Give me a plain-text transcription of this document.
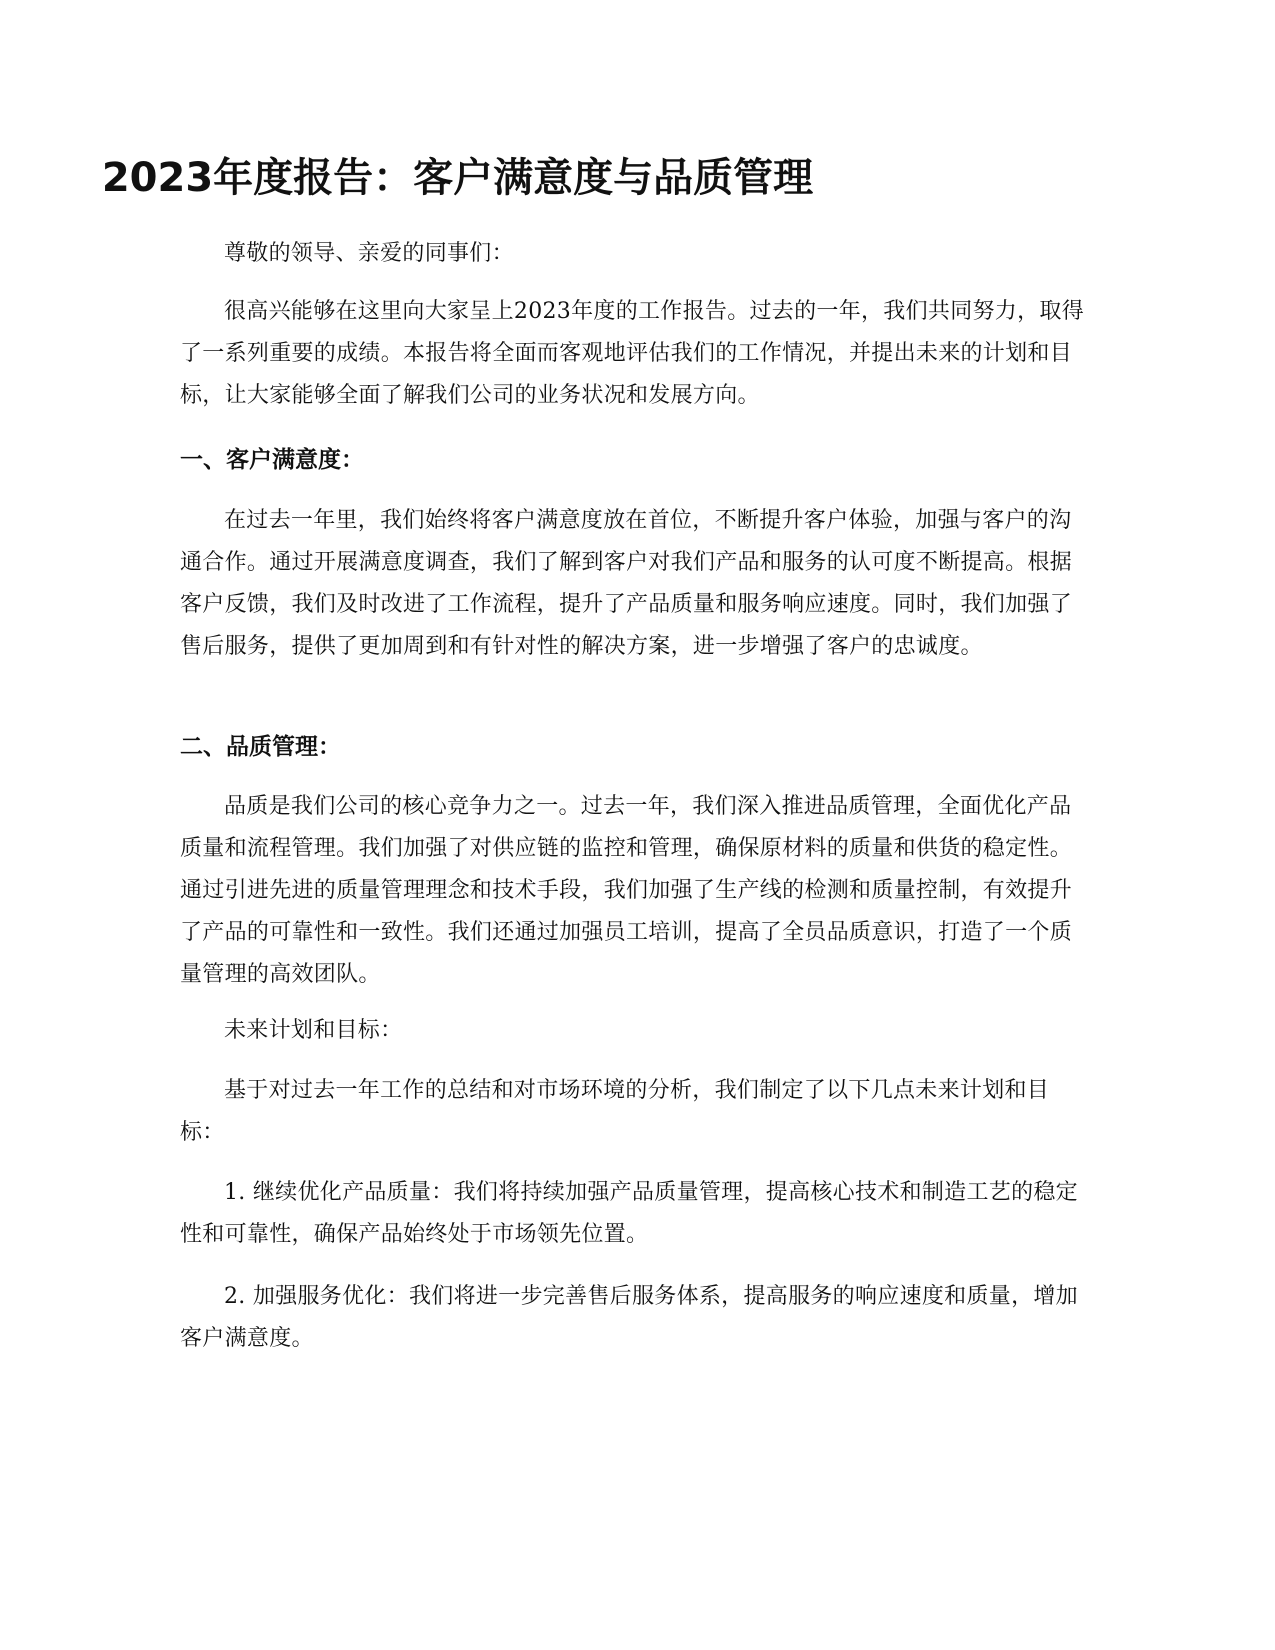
2023年度报告：客户满意度与品质管理

尊敬的领导、亲爱的同事们：

很高兴能够在这里向大家呈上2023年度的工作报告。过去的一年，我们共同努力，取得了一系列重要的成绩。本报告将全面而客观地评估我们的工作情况，并提出未来的计划和目标，让大家能够全面了解我们公司的业务状况和发展方向。

一、客户满意度：

在过去一年里，我们始终将客户满意度放在首位，不断提升客户体验，加强与客户的沟通合作。通过开展满意度调查，我们了解到客户对我们产品和服务的认可度不断提高。根据客户反馈，我们及时改进了工作流程，提升了产品质量和服务响应速度。同时，我们加强了售后服务，提供了更加周到和有针对性的解决方案，进一步增强了客户的忠诚度。

二、品质管理：

品质是我们公司的核心竞争力之一。过去一年，我们深入推进品质管理，全面优化产品质量和流程管理。我们加强了对供应链的监控和管理，确保原材料的质量和供货的稳定性。通过引进先进的质量管理理念和技术手段，我们加强了生产线的检测和质量控制，有效提升了产品的可靠性和一致性。我们还通过加强员工培训，提高了全员品质意识，打造了一个质量管理的高效团队。

未来计划和目标：

基于对过去一年工作的总结和对市场环境的分析，我们制定了以下几点未来计划和目标：

1. 继续优化产品质量：我们将持续加强产品质量管理，提高核心技术和制造工艺的稳定性和可靠性，确保产品始终处于市场领先位置。

2. 加强服务优化：我们将进一步完善售后服务体系，提高服务的响应速度和质量，增加客户满意度。
